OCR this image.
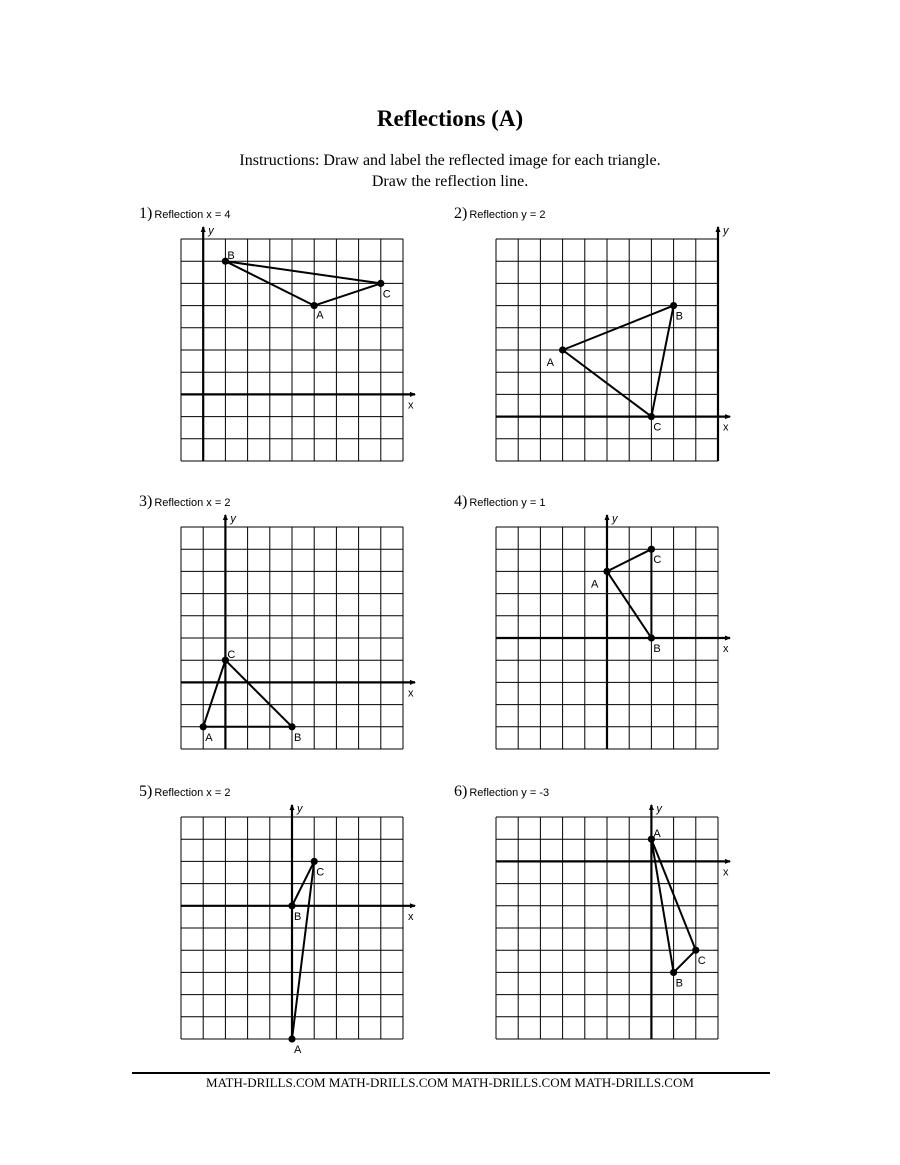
Reflections (A)
Instructions: Draw and label the reflected image for each triangle.
Draw the reflection line.
1) Reflection x = 4
y
x
A
B
C
2) Reflection y = 2
y
x
A
B
C
3) Reflection x = 2
y
x
A	B
C
4) Reflection y = 1
y
x
A
B
C
5) Reflection x = 2
y
x
A
B
C
6) Reflection y = -3
y
x
A
B
C
MATH-DRILLS.COM MATH-DRILLS.COM MATH-DRILLS.COM MATH-DRILLS.COM
